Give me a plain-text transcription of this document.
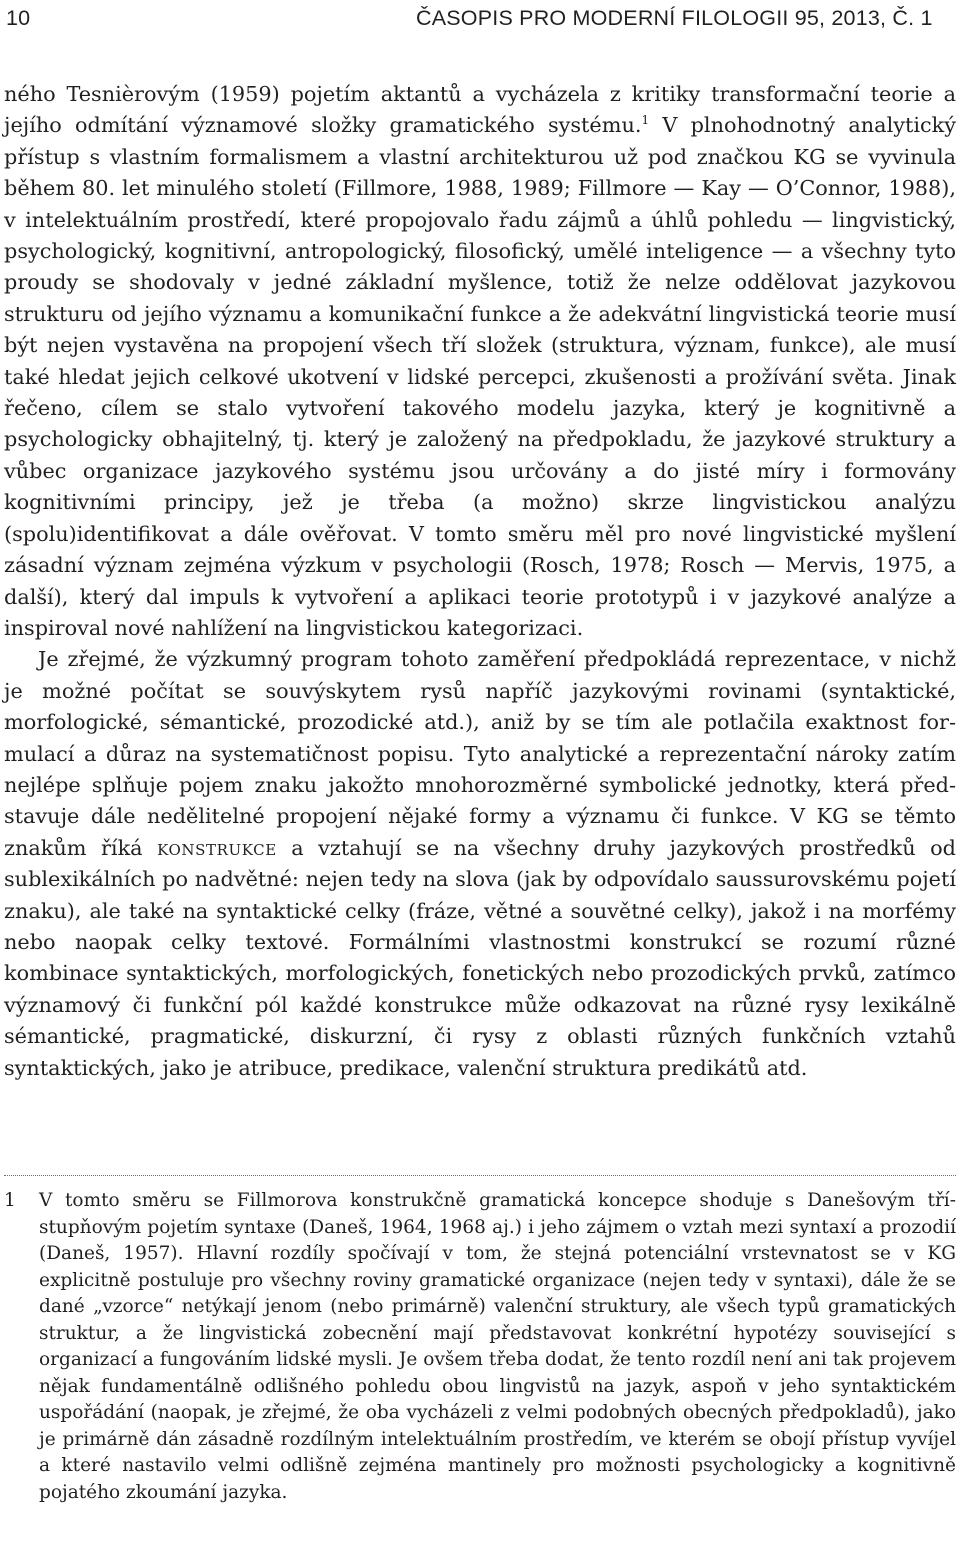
10	ČASOPIS PRO MODERNÍ FILOLOGII 95, 2013, Č. 1

ného Tesnièrovým (1959) pojetím aktantů a vycházela z kritiky transformační teorie a jejího odmítání významové složky gramatického systému.$^1$ V plnohodnotný analytický přístup s vlastním formalismem a vlastní architekturou už pod značkou KG se vyvinula během 80. let minulého století (Fillmore, 1988, 1989; Fillmore — Kay — O’Connor, 1988), v intelektuálním prostředí, které propojovalo řadu zájmů a úhlů pohledu — lingvistický, psychologický, kognitivní, antropologický, filosofický, umělé inteligence — a všechny tyto proudy se shodovaly v jedné základní myšlence, totiž že nelze oddělovat jazykovou strukturu od jejího významu a komunikační funkce a že adekvátní lingvistická teorie musí být nejen vystavěna na propojení všech tří složek (struktura, význam, funkce), ale musí také hledat jejich celkové ukotvení v lidské percepci, zkušenosti a prožívání světa. Jinak řečeno, cílem se stalo vytvoření takového modelu jazyka, který je kognitivně a psychologicky obhajitelný, tj. který je založený na předpokladu, že jazykové struktury a vůbec organizace jazykového systému jsou určovány a do jisté míry i formovány kognitivními principy, jež je třeba (a možno) skrze lingvistickou analýzu (spolu)identifikovat a dále ověřovat. V tomto směru měl pro nové lingvistické myšlení zásadní význam zejména výzkum v psychologii (Rosch, 1978; Rosch — Mervis, 1975, a další), který dal impuls k vytvoření a aplikaci teorie prototypů i v jazykové analýze a inspiroval nové nahlížení na lingvistickou kategorizaci.

Je zřejmé, že výzkumný program tohoto zaměření předpokládá reprezentace, v nichž je možné počítat se souvýskytem rysů napříč jazykovými rovinami (syntaktické, morfologické, sémantické, prozodické atd.), aniž by se tím ale potlačila exaktnost formulací a důraz na systematičnost popisu. Tyto analytické a reprezentační nároky zatím nejlépe splňuje pojem znaku jakožto mnohorozměrné symbolické jednotky, která představuje dále nedělitelné propojení nějaké formy a významu či funkce. V KG se těmto znakům říká konstrukce a vztahují se na všechny druhy jazykových prostředků od sublexikálních po nadvětné: nejen tedy na slova (jak by odpovídalo saussurovskému pojetí znaku), ale také na syntaktické celky (fráze, větné a souvětné celky), jakož i na morfémy nebo naopak celky textové. Formálními vlastnostmi konstrukcí se rozumí různé kombinace syntaktických, morfologických, fonetických nebo prozodických prvků, zatímco významový či funkční pól každé konstrukce může odkazovat na různé rysy lexikálně sémantické, pragmatické, diskurzní, či rysy z oblasti různých funkčních vztahů syntaktických, jako je atribuce, predikace, valenční struktura predikátů atd.

1 V tomto směru se Fillmorova konstrukčně gramatická koncepce shoduje s Danešovým třístupňovým pojetím syntaxe (Daneš, 1964, 1968 aj.) i jeho zájmem o vztah mezi syntaxí a prozodií (Daneš, 1957). Hlavní rozdíly spočívají v tom, že stejná potenciální vrstevnatost se v KG explicitně postuluje pro všechny roviny gramatické organizace (nejen tedy v syntaxi), dále že se dané „vzorce“ netýkají jenom (nebo primárně) valenční struktury, ale všech typů gramatických struktur, a že lingvistická zobecnění mají představovat konkrétní hypotézy související s organizací a fungováním lidské mysli. Je ovšem třeba dodat, že tento rozdíl není ani tak projevem nějak fundamentálně odlišného pohledu obou lingvistů na jazyk, aspoň v jeho syntaktickém uspořádání (naopak, je zřejmé, že oba vycházeli z velmi podobných obecných předpokladů), jako je primárně dán zásadně rozdílným intelektuálním prostředím, ve kterém se obojí přístup vyvíjel a které nastavilo velmi odlišně zejména mantinely pro možnosti psychologicky a kognitivně pojatého zkoumání jazyka.
